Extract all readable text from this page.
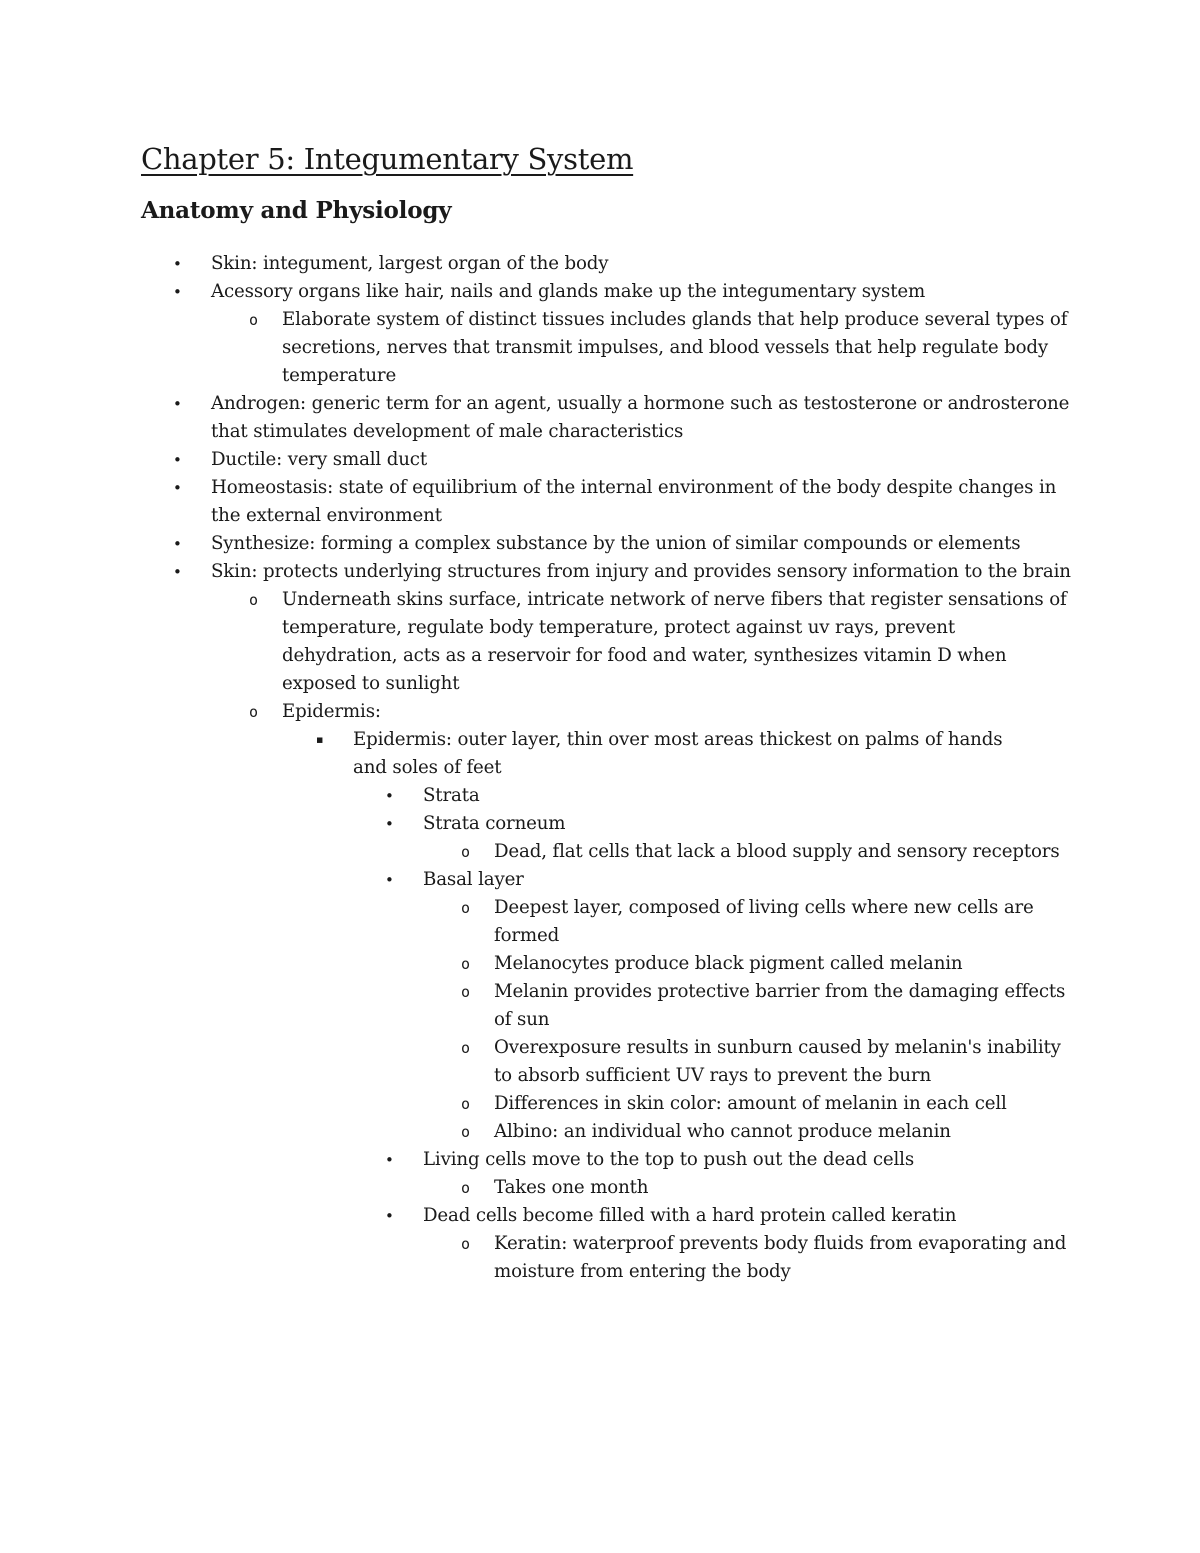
Chapter 5: Integumentary System
Anatomy and Physiology
• Skin: integument, largest organ of the body
• Acessory organs like hair, nails and glands make up the integumentary system
o Elaborate system of distinct tissues includes glands that help produce several types of secretions, nerves that transmit impulses, and blood vessels that help regulate body temperature
• Androgen: generic term for an agent, usually a hormone such as testosterone or androsterone that stimulates development of male characteristics
• Ductile: very small duct
• Homeostasis: state of equilibrium of the internal environment of the body despite changes in the external environment
• Synthesize: forming a complex substance by the union of similar compounds or elements
• Skin: protects underlying structures from injury and provides sensory information to the brain
o Underneath skins surface, intricate network of nerve fibers that register sensations of temperature, regulate body temperature, protect against uv rays, prevent dehydration, acts as a reservoir for food and water, synthesizes vitamin D when exposed to sunlight
o Epidermis:
▪ Epidermis: outer layer, thin over most areas thickest on palms of hands and soles of feet
• Strata
• Strata corneum
o Dead, flat cells that lack a blood supply and sensory receptors
• Basal layer
o Deepest layer, composed of living cells where new cells are formed
o Melanocytes produce black pigment called melanin
o Melanin provides protective barrier from the damaging effects of sun
o Overexposure results in sunburn caused by melanin's inability to absorb sufficient UV rays to prevent the burn
o Differences in skin color: amount of melanin in each cell
o Albino: an individual who cannot produce melanin
• Living cells move to the top to push out the dead cells
o Takes one month
• Dead cells become filled with a hard protein called keratin
o Keratin: waterproof prevents body fluids from evaporating and moisture from entering the body
